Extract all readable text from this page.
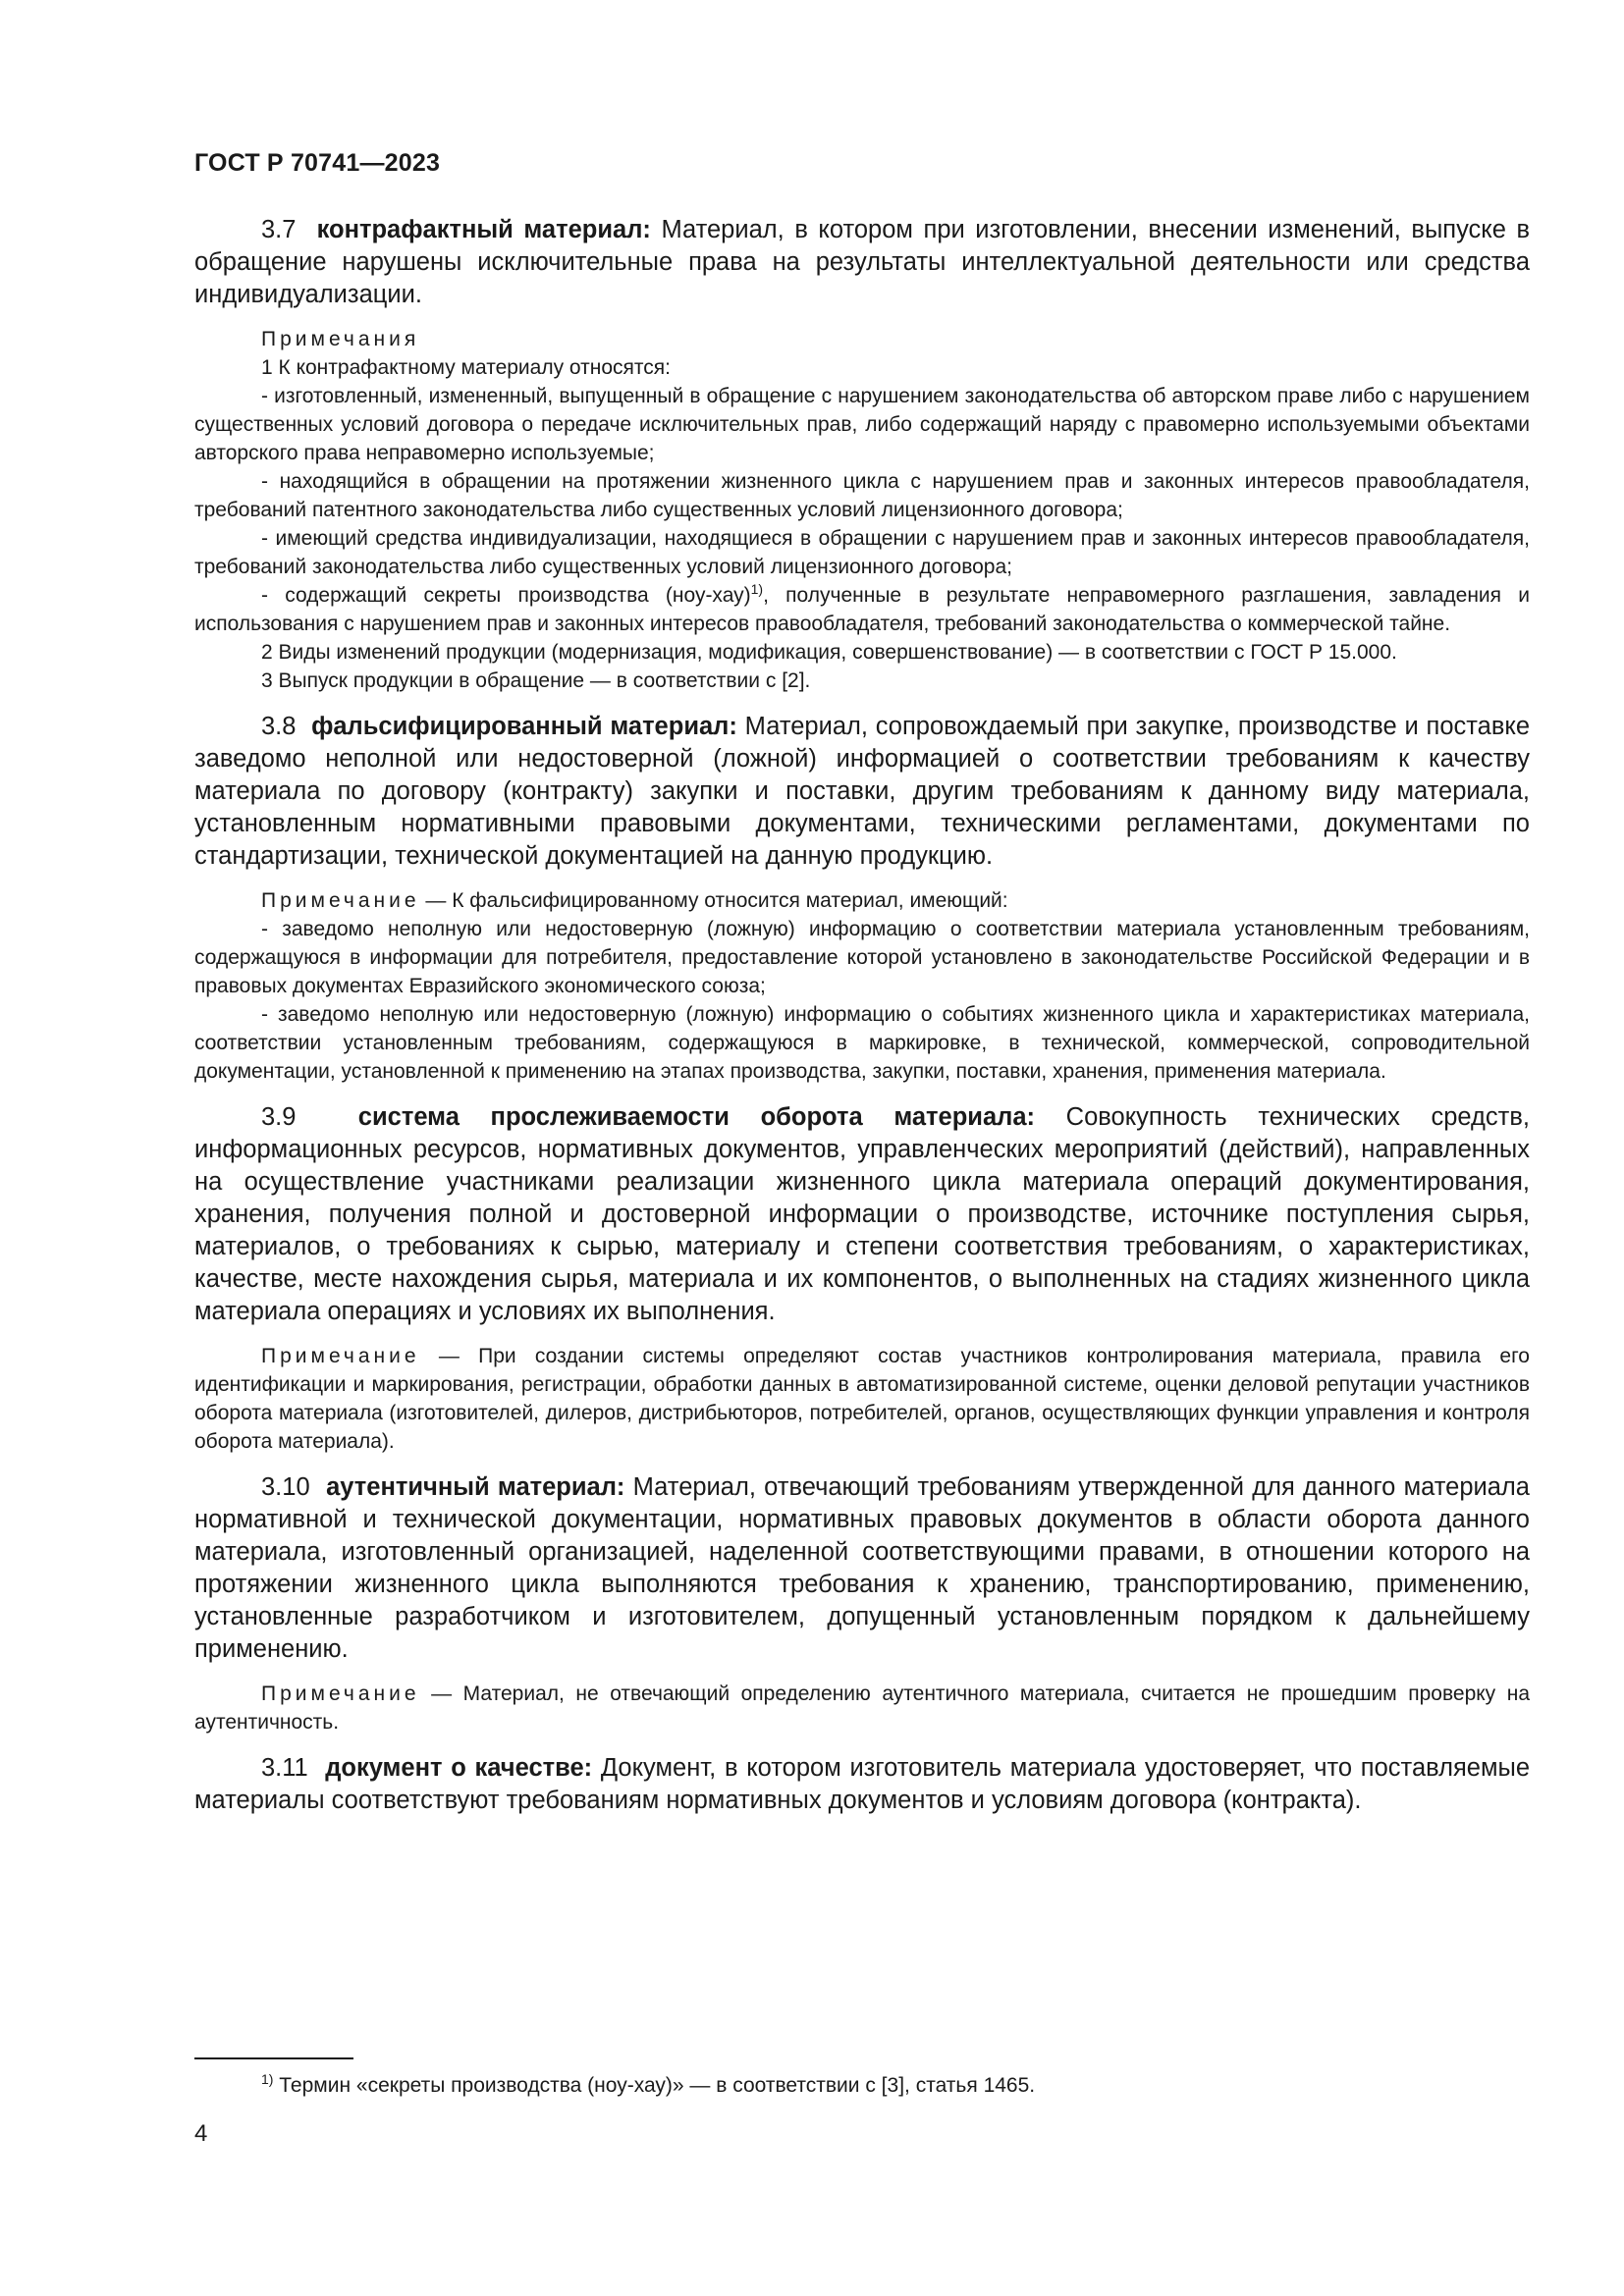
ГОСТ Р 70741—2023

3.7 контрафактный материал: Материал, в котором при изготовлении, внесении изменений, выпуске в обращение нарушены исключительные права на результаты интеллектуальной деятельности или средства индивидуализации.

Примечания

1 К контрафактному материалу относятся:

- изготовленный, измененный, выпущенный в обращение с нарушением законодательства об авторском праве либо с нарушением существенных условий договора о передаче исключительных прав, либо содержащий наряду с правомерно используемыми объектами авторского права неправомерно используемые;

- находящийся в обращении на протяжении жизненного цикла с нарушением прав и законных интересов правообладателя, требований патентного законодательства либо существенных условий лицензионного договора;

- имеющий средства индивидуализации, находящиеся в обращении с нарушением прав и законных интересов правообладателя, требований законодательства либо существенных условий лицензионного договора;

- содержащий секреты производства $(ноу-хау)^{1)}$, полученные в результате неправомерного разглашения, завладения и использования с нарушением прав и законных интересов правообладателя, требований законодательства о коммерческой тайне.

2 Виды изменений продукции (модернизация, модификация, совершенствование) — в соответствии с ГОСТ Р 15.000.

3 Выпуск продукции в обращение — в соответствии с [2].

3.8 фальсифицированный материал: Материал, сопровождаемый при закупке, производстве и поставке заведомо неполной или недостоверной (ложной) информацией о соответствии требованиям к качеству материала по договору (контракту) закупки и поставки, другим требованиям к данному виду материала, установленным нормативными правовыми документами, техническими регламентами, документами по стандартизации, технической документацией на данную продукцию.

Примечание — К фальсифицированному относится материал, имеющий:

- заведомо неполную или недостоверную (ложную) информацию о соответствии материала установленным требованиям, содержащуюся в информации для потребителя, предоставление которой установлено в законодательстве Российской Федерации и в правовых документах Евразийского экономического союза;

- заведомо неполную или недостоверную (ложную) информацию о событиях жизненного цикла и характеристиках материала, соответствии установленным требованиям, содержащуюся в маркировке, в технической, коммерческой, сопроводительной документации, установленной к применению на этапах производства, закупки, поставки, хранения, применения материала.

3.9 система прослеживаемости оборота материала: Совокупность технических средств, информационных ресурсов, нормативных документов, управленческих мероприятий (действий), направленных на осуществление участниками реализации жизненного цикла материала операций документирования, хранения, получения полной и достоверной информации о производстве, источнике поступления сырья, материалов, о требованиях к сырью, материалу и степени соответствия требованиям, о характеристиках, качестве, месте нахождения сырья, материала и их компонентов, о выполненных на стадиях жизненного цикла материала операциях и условиях их выполнения.

Примечание — При создании системы определяют состав участников контролирования материала, правила его идентификации и маркирования, регистрации, обработки данных в автоматизированной системе, оценки деловой репутации участников оборота материала (изготовителей, дилеров, дистрибьюторов, потребителей, органов, осуществляющих функции управления и контроля оборота материала).

3.10 аутентичный материал: Материал, отвечающий требованиям утвержденной для данного материала нормативной и технической документации, нормативных правовых документов в области оборота данного материала, изготовленный организацией, наделенной соответствующими правами, в отношении которого на протяжении жизненного цикла выполняются требования к хранению, транспортированию, применению, установленные разработчиком и изготовителем, допущенный установленным порядком к дальнейшему применению.

Примечание — Материал, не отвечающий определению аутентичного материала, считается не прошедшим проверку на аутентичность.

3.11 документ о качестве: Документ, в котором изготовитель материала удостоверяет, что поставляемые материалы соответствуют требованиям нормативных документов и условиям договора (контракта).

$^{1)}$ Термин «секреты производства (ноу-хау)» — в соответствии с [3], статья 1465.

4
